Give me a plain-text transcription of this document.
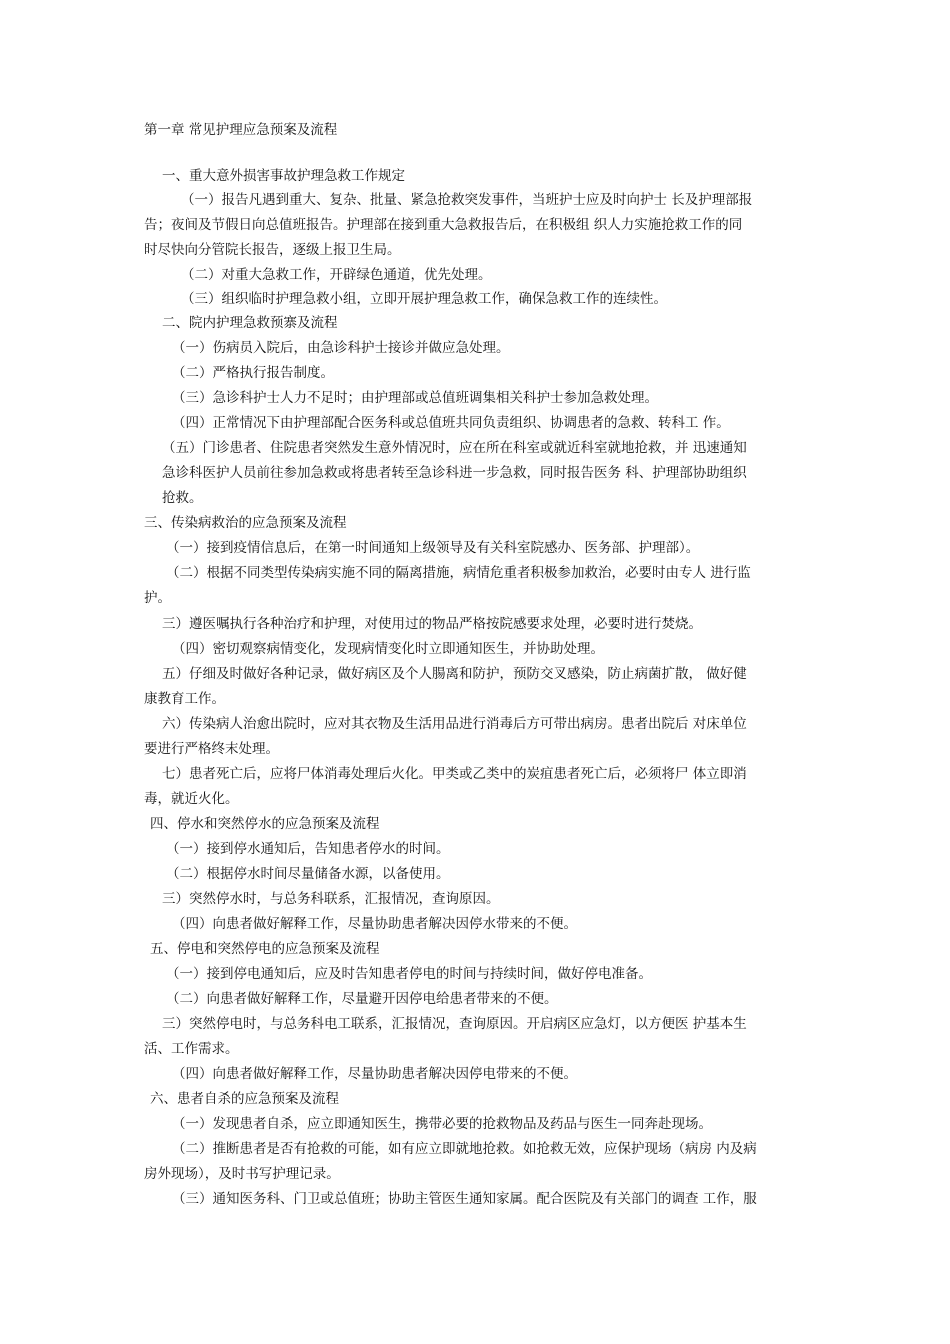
第一章 常见护理应急预案及流程
一、重大意外损害事故护理急救工作规定
（一）报告凡遇到重大、复杂、批量、紧急抢救突发事件，当班护士应及时向护士 长及护理部报
告；夜间及节假日向总值班报告。护理部在接到重大急救报告后，在积极组 织人力实施抢救工作的同
时尽快向分管院长报告，逐级上报卫生局。
（二）对重大急救工作，开辟绿色通道，优先处理。
（三）组织临时护理急救小组，立即开展护理急救工作，确保急救工作的连续性。
二、院内护理急救预寨及流程
（一）伤病员入院后，由急诊科护士接诊并做应急处理。
（二）严格执行报告制度。
（三）急诊科护士人力不足时；由护理部或总值班调集相关科护士参加急救处理。
（四）正常情况下由护理部配合医务科或总值班共同负责组织、协调患者的急救、转科工 作。
（五）门诊患者、住院患者突然发生意外情况时，应在所在科室或就近科室就地抢救，并 迅速通知
急诊科医护人员前往参加急救或将患者转至急诊科进一步急救，同时报告医务 科、护理部协助组织
抢救。
三、传染病救治的应急预案及流程
（一）接到疫情信息后，在第一时间通知上级领导及有关科室院感办、医务部、护理部）。
（二）根据不同类型传染病实施不同的隔离措施，病情危重者积极参加救治，必要时由专人 进行监
护。
三）遵医嘱执行各种治疗和护理，对使用过的物品严格按院感要求处理，必要时进行焚烧。
（四）密切观察病情变化，发现病情变化时立即通知医生，并协助处理。
五）仔细及时做好各种记录，做好病区及个人腸离和防护，预防交叉感染，防止病菌扩散， 做好健
康教育工作。
六）传染病人治愈出院时，应对其衣物及生活用品进行消毒后方可带出病房。患者出院后 对床单位
要进行严格终末处理。
七）患者死亡后，应将尸体消毒处理后火化。甲类或乙类中的炭疽患者死亡后，必须将尸 体立即消
毒，就近火化。
四、停水和突然停水的应急预案及流程
（一）接到停水通知后，告知患者停水的时间。
（二）根据停水时间尽量储备水源，以备使用。
三）突然停水时，与总务科联系，汇报情况，查询原因。
（四）向患者做好解释工作，尽量协助患者解决因停水带来的不便。
五、停电和突然停电的应急预案及流程
（一）接到停电通知后，应及时告知患者停电的时间与持续时间，做好停电准备。
（二）向患者做好解释工作，尽量避开因停电给患者带来的不便。
三）突然停电时，与总务科电工联系，汇报情况，查询原因。开启病区应急灯，以方便医 护基本生
活、工作需求。
（四）向患者做好解释工作，尽量协助患者解决因停电带来的不便。
六、患者自杀的应急预案及流程
（一）发现患者自杀，应立即通知医生，携带必要的抢救物品及药品与医生一同奔赴现场。
（二）推断患者是否有抢救的可能，如有应立即就地抢救。如抢救无效，应保护现场（病房 内及病
房外现场），及时书写护理记录。
（三）通知医务科、门卫或总值班；协助主管医生通知家属。配合医院及有关部门的调查 工作，服
